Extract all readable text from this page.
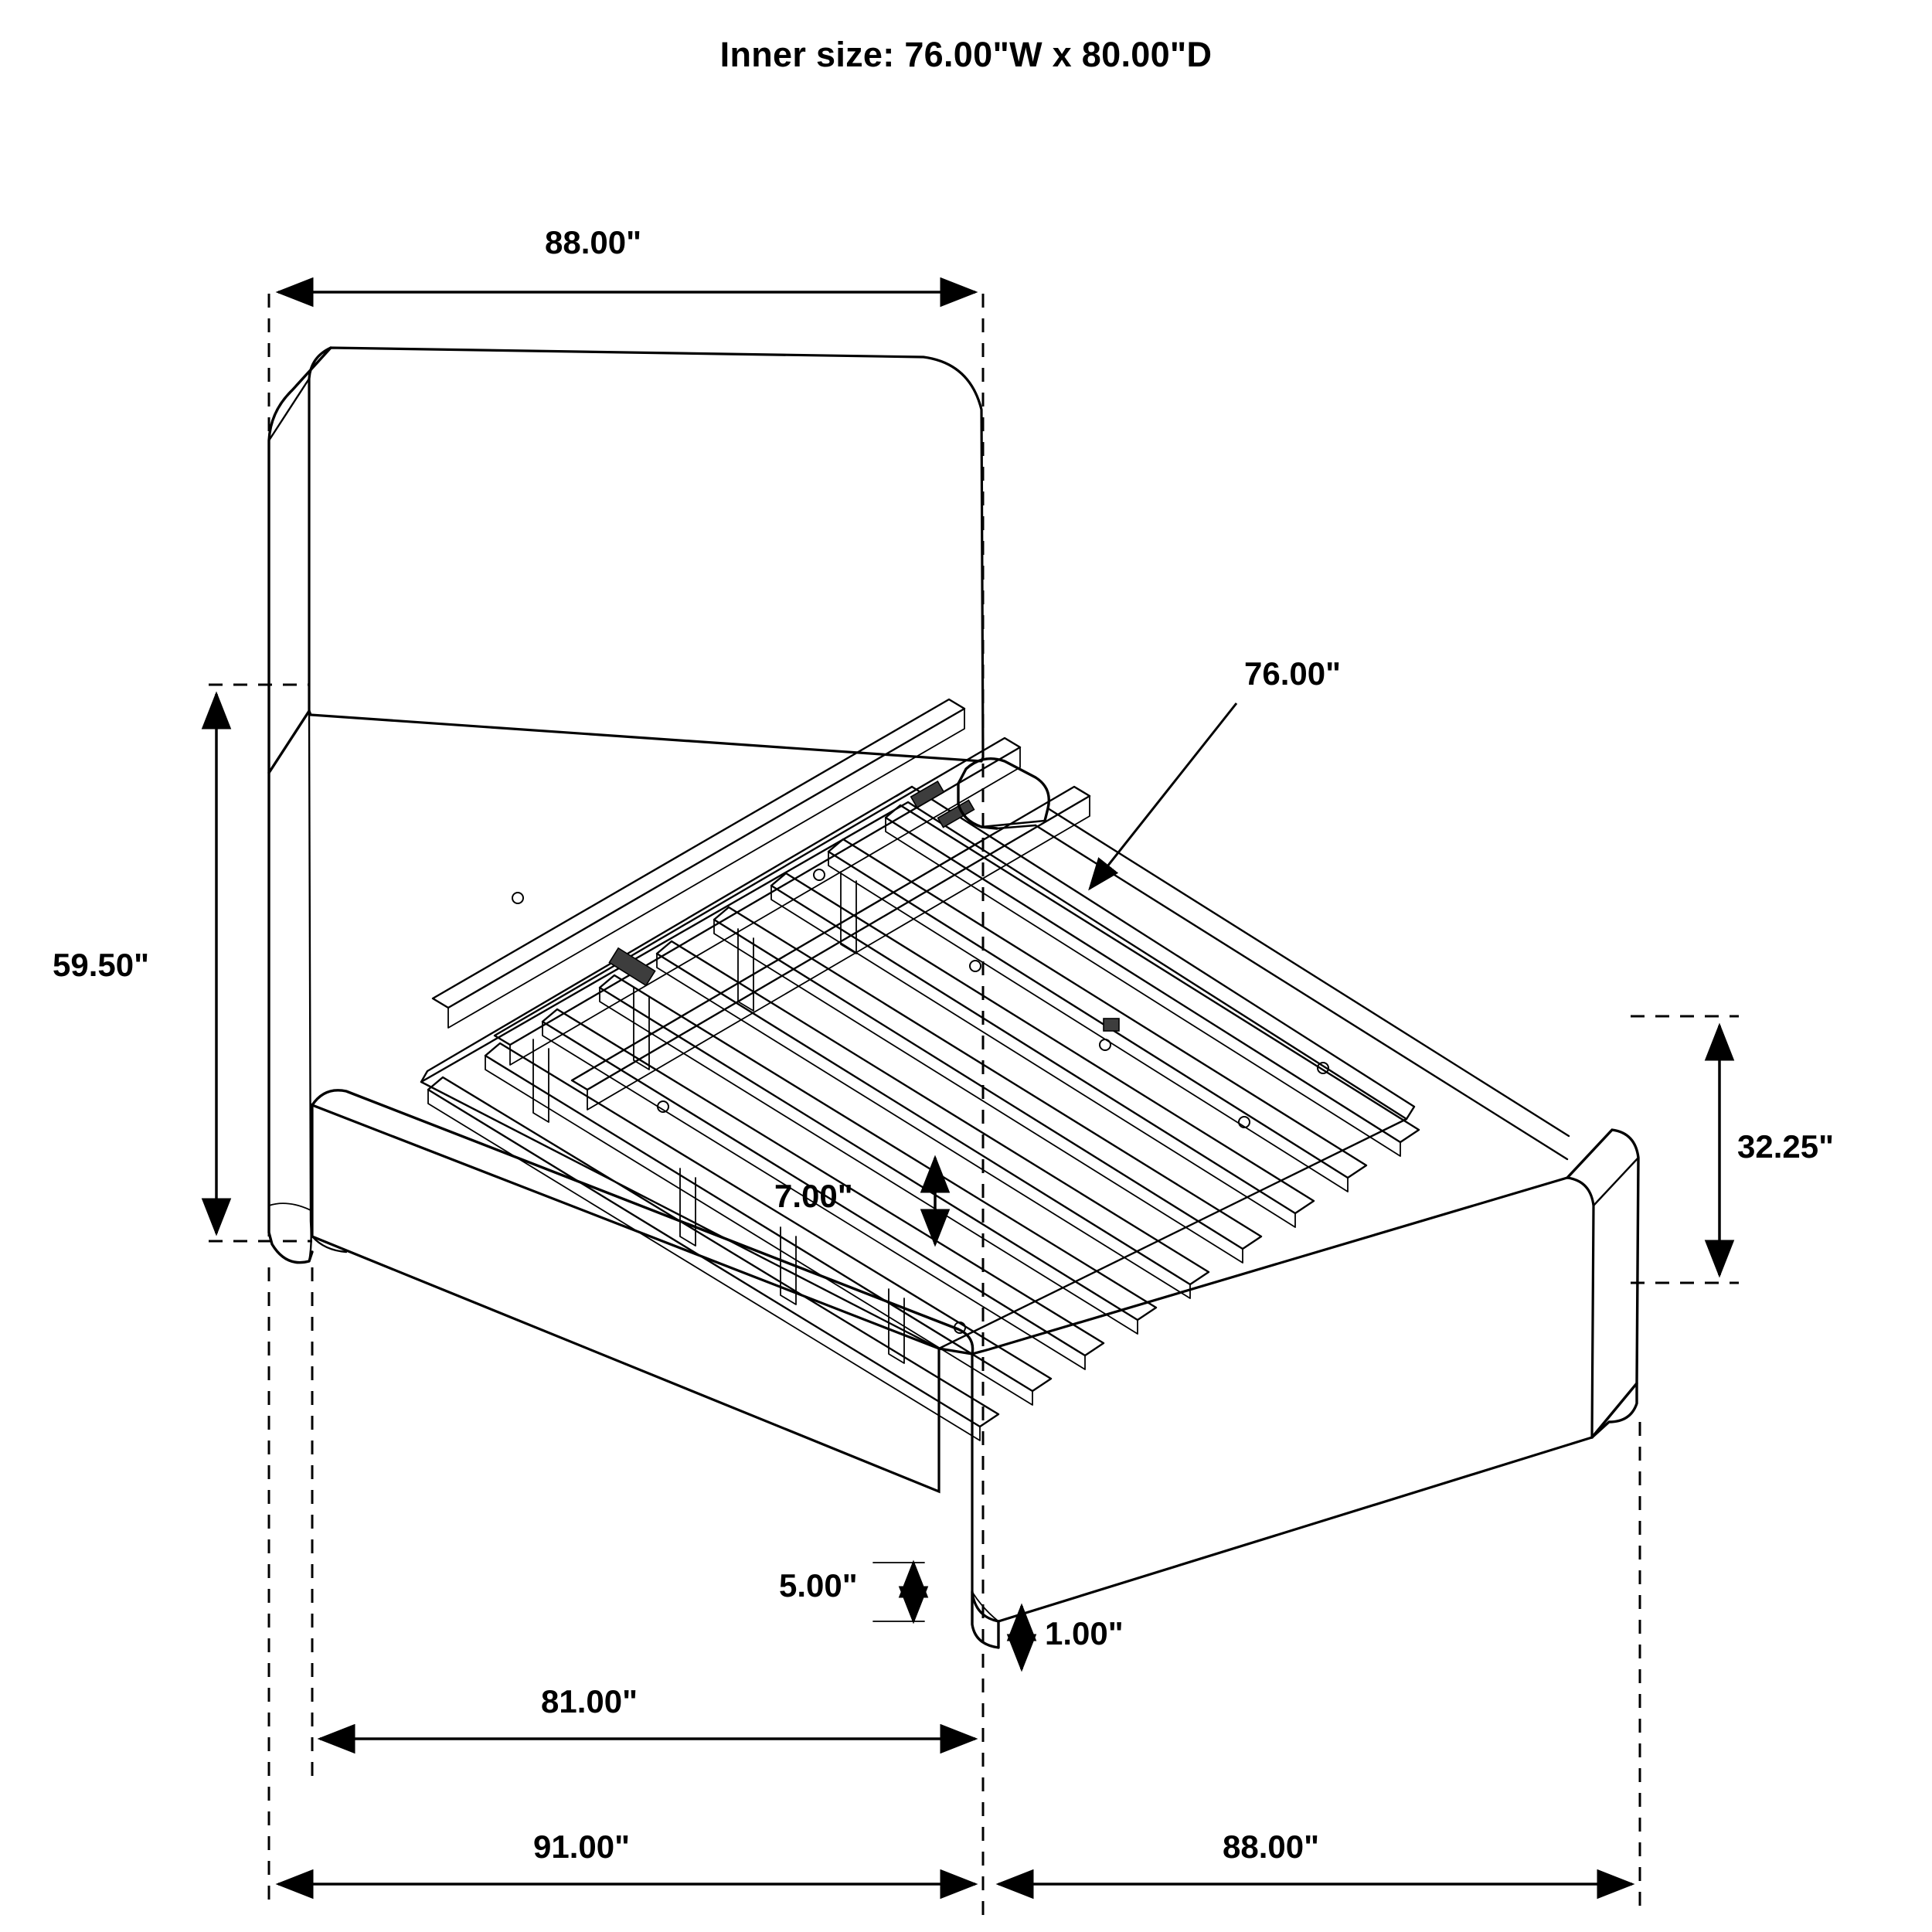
Inner size: 76.00"W x 80.00"D
88.00"
59.50"
76.00"
32.25"
7.00"
5.00"
1.00"
81.00"
91.00"	88.00"
